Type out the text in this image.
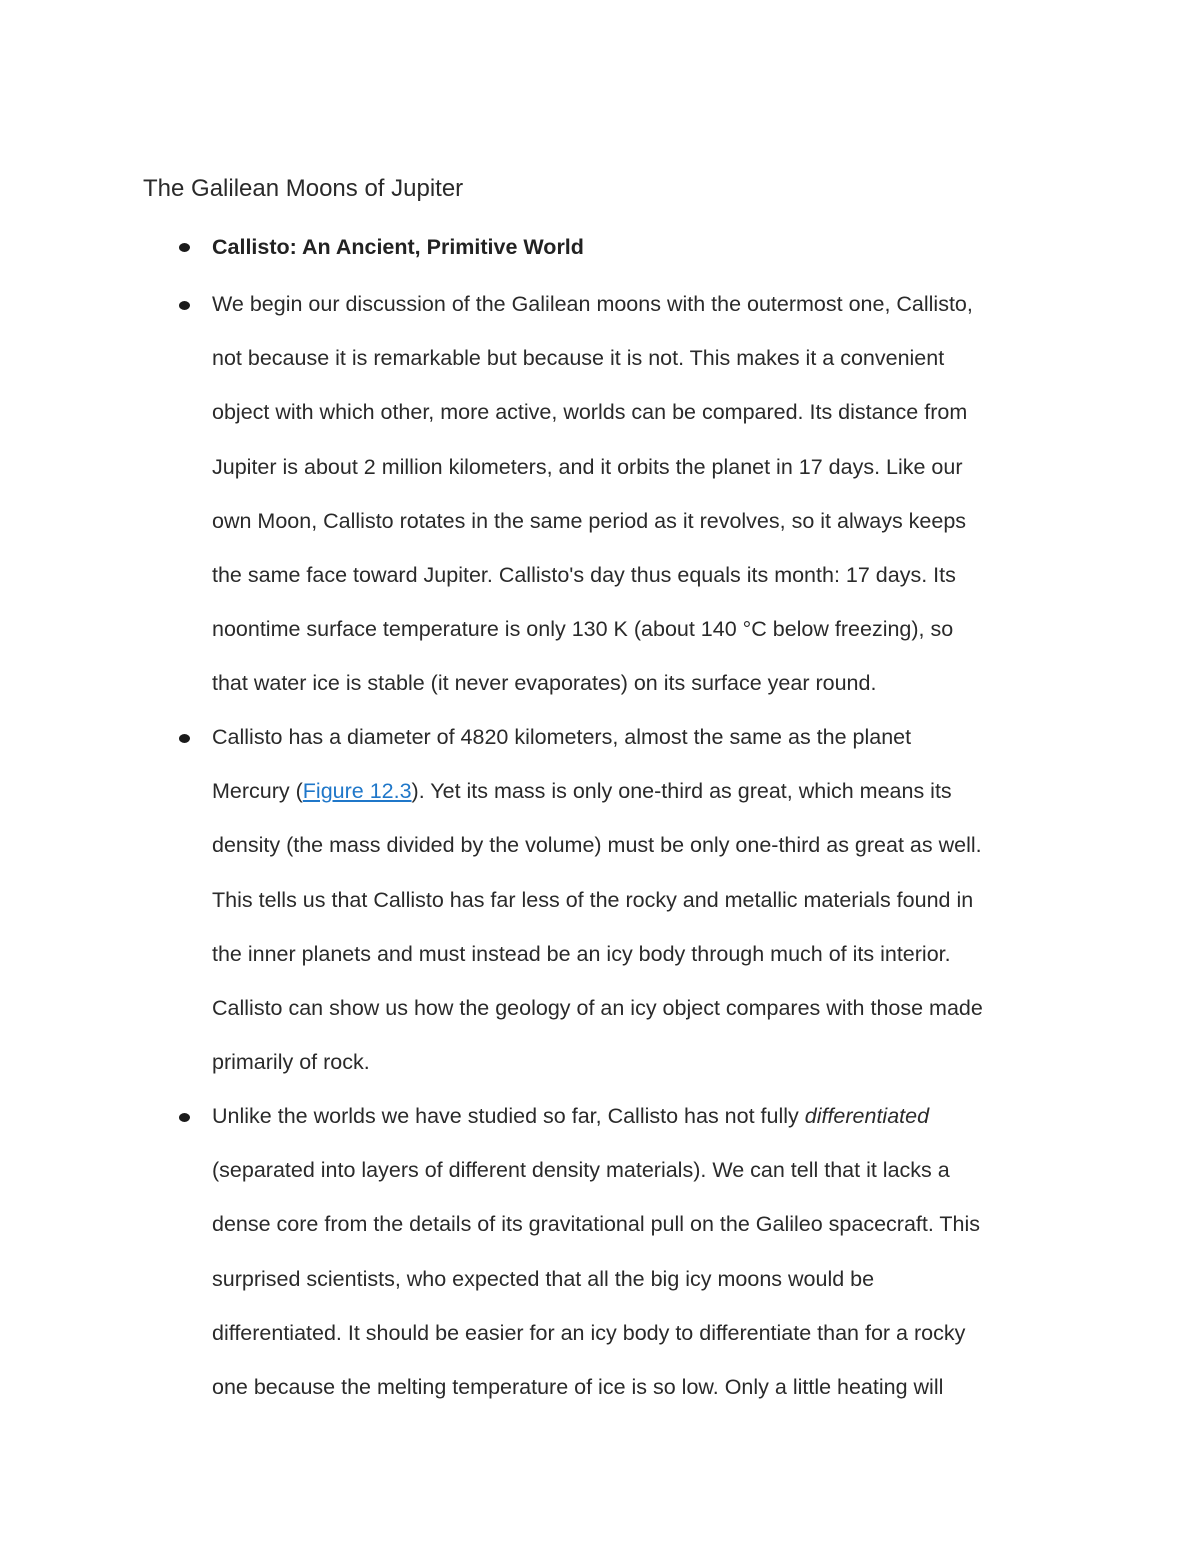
The Galilean Moons of Jupiter

Callisto: An Ancient, Primitive World

We begin our discussion of the Galilean moons with the outermost one, Callisto,
not because it is remarkable but because it is not. This makes it a convenient
object with which other, more active, worlds can be compared. Its distance from
Jupiter is about 2 million kilometers, and it orbits the planet in 17 days. Like our
own Moon, Callisto rotates in the same period as it revolves, so it always keeps
the same face toward Jupiter. Callisto's day thus equals its month: 17 days. Its
noontime surface temperature is only 130 K (about 140 °C below freezing), so
that water ice is stable (it never evaporates) on its surface year round.

Callisto has a diameter of 4820 kilometers, almost the same as the planet
Mercury (Figure 12.3). Yet its mass is only one-third as great, which means its
density (the mass divided by the volume) must be only one-third as great as well.
This tells us that Callisto has far less of the rocky and metallic materials found in
the inner planets and must instead be an icy body through much of its interior.
Callisto can show us how the geology of an icy object compares with those made
primarily of rock.

Unlike the worlds we have studied so far, Callisto has not fully differentiated
(separated into layers of different density materials). We can tell that it lacks a
dense core from the details of its gravitational pull on the Galileo spacecraft. This
surprised scientists, who expected that all the big icy moons would be
differentiated. It should be easier for an icy body to differentiate than for a rocky
one because the melting temperature of ice is so low. Only a little heating will
